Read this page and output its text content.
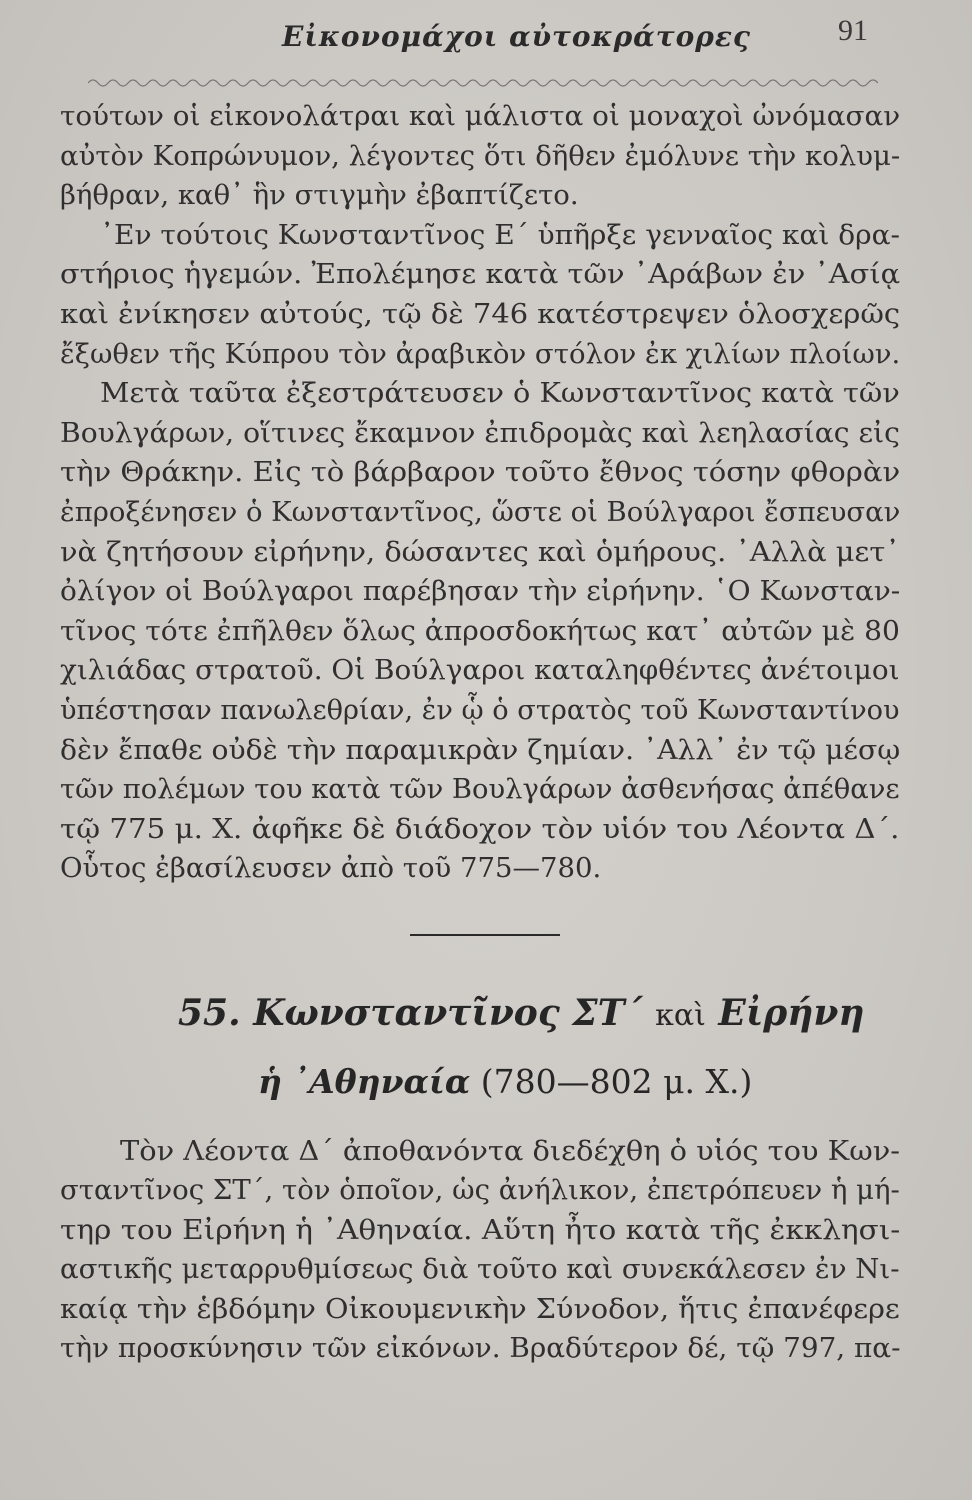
Εἰκονομάχοι αὐτοκράτορες	91
τούτων οἱ εἰκονολάτραι καὶ μάλιστα οἱ μοναχοὶ ὠνόμασαν
αὐτὸν Κοπρώνυμον, λέγοντες ὅτι δῆθεν ἐμόλυνε τὴν κολυμ-
βήθραν, καθ᾽ ἣν στιγμὴν ἐβαπτίζετο.
᾿Εν τούτοις Κωνσταντῖνος Ε΄ ὑπῆρξε γενναῖος καὶ δρα-
στήριος ἡγεμών. Ἐπολέμησε κατὰ τῶν ᾿Αράβων ἐν ᾿Ασίᾳ
καὶ ἐνίκησεν αὐτούς, τῷ δὲ 746 κατέστρεψεν ὁλοσχερῶς
ἔξωθεν τῆς Κύπρου τὸν ἀραβικὸν στόλον ἐκ χιλίων πλοίων.
Μετὰ ταῦτα ἐξεστράτευσεν ὁ Κωνσταντῖνος κατὰ τῶν
Βουλγάρων, οἵτινες ἔκαμνον ἐπιδρομὰς καὶ λεηλασίας εἰς
τὴν Θράκην. Εἰς τὸ βάρβαρον τοῦτο ἔθνος τόσην φθορὰν
ἐπροξένησεν ὁ Κωνσταντῖνος, ὥστε οἱ Βούλγαροι ἔσπευσαν
νὰ ζητήσουν εἰρήνην, δώσαντες καὶ ὁμήρους. ᾿Αλλὰ μετ᾽
ὀλίγον οἱ Βούλγαροι παρέβησαν τὴν εἰρήνην. ῾Ο Κωνσταν-
τῖνος τότε ἐπῆλθεν ὅλως ἀπροσδοκήτως κατ᾽ αὐτῶν μὲ 80
χιλιάδας στρατοῦ. Οἱ Βούλγαροι καταληφθέντες ἀνέτοιμοι
ὑπέστησαν πανωλεθρίαν, ἐν ᾧ ὁ στρατὸς τοῦ Κωνσταντίνου
δὲν ἔπαθε οὐδὲ τὴν παραμικρὰν ζημίαν. ᾿Αλλ᾽ ἐν τῷ μέσῳ
τῶν πολέμων του κατὰ τῶν Βουλγάρων ἀσθενήσας ἀπέθανε
τῷ 775 μ. Χ. ἀφῆκε δὲ διάδοχον τὸν υἱόν του Λέοντα Δ΄.
Οὗτος ἐβασίλευσεν ἀπὸ τοῦ 775—780.
55. Κωνσταντῖνος ΣΤ΄ καὶ Εἰρήνη
ἡ ᾿Αθηναία (780—802 μ. Χ.)
Τὸν Λέοντα Δ΄ ἀποθανόντα διεδέχθη ὁ υἱός του Κων-
σταντῖνος ΣΤ΄, τὸν ὁποῖον, ὡς ἀνήλικον, ἐπετρόπευεν ἡ μή-
τηρ του Εἰρήνη ἡ ᾿Αθηναία. Αὕτη ἦτο κατὰ τῆς ἐκκλησι-
αστικῆς μεταρρυθμίσεως διὰ τοῦτο καὶ συνεκάλεσεν ἐν Νι-
καίᾳ τὴν ἑβδόμην Οἰκουμενικὴν Σύνοδον, ἥτις ἐπανέφερε
τὴν προσκύνησιν τῶν εἰκόνων. Βραδύτερον δέ, τῷ 797, πα-
